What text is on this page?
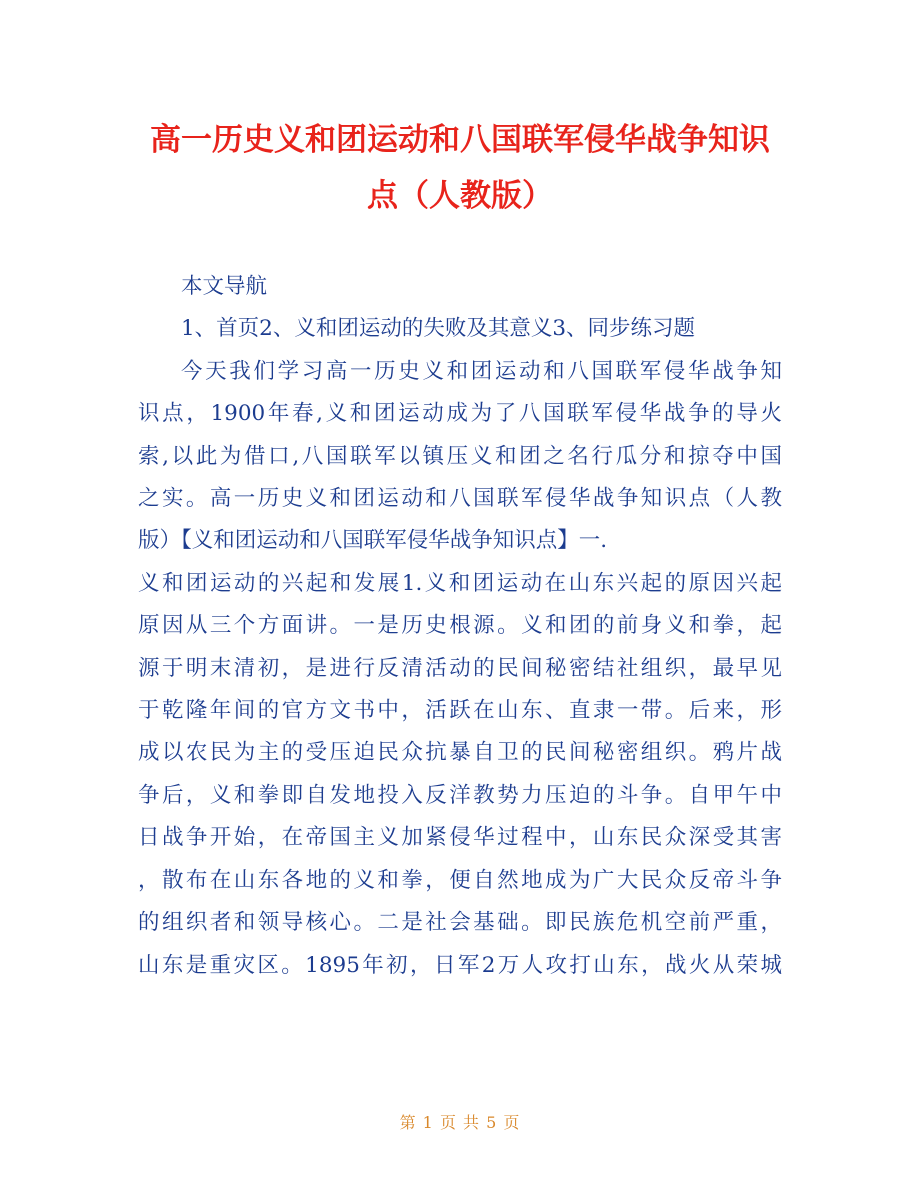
高一历史义和团运动和八国联军侵华战争知识
点（人教版）
本文导航
1、首页2、义和团运动的失败及其意义3、同步练习题
今天我们学习高一历史义和团运动和八国联军侵华战争知
识点，1900年春,义和团运动成为了八国联军侵华战争的导火
索,以此为借口,八国联军以镇压义和团之名行瓜分和掠夺中国
之实。高一历史义和团运动和八国联军侵华战争知识点（人教
版）【义和团运动和八国联军侵华战争知识点】一.
义和团运动的兴起和发展1.义和团运动在山东兴起的原因兴起
原因从三个方面讲。一是历史根源。义和团的前身义和拳，起
源于明末清初，是进行反清活动的民间秘密结社组织，最早见
于乾隆年间的官方文书中，活跃在山东、直隶一带。后来，形
成以农民为主的受压迫民众抗暴自卫的民间秘密组织。鸦片战
争后，义和拳即自发地投入反洋教势力压迫的斗争。自甲午中
日战争开始，在帝国主义加紧侵华过程中，山东民众深受其害
，散布在山东各地的义和拳，便自然地成为广大民众反帝斗争
的组织者和领导核心。二是社会基础。即民族危机空前严重，
山东是重灾区。1895年初，日军2万人攻打山东，战火从荣城
第 1 页 共 5 页
